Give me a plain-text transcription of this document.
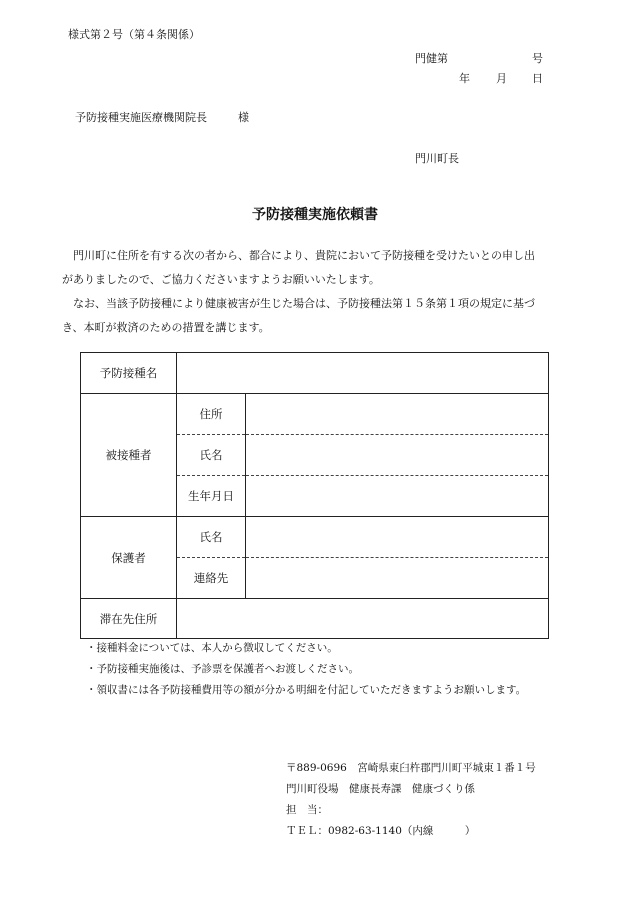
様式第２号（第４条関係）
門健第	号
年 月 日
予防接種実施医療機関院長	様
門川町長
予防接種実施依頼書
　門川町に住所を有する次の者から、都合により、貴院において予防接種を受けたいとの申し出
がありましたので、ご協力くださいますようお願いいたします。
　なお、当該予防接種により健康被害が生じた場合は、予防接種法第１５条第１項の規定に基づ
き、本町が救済のための措置を講じます。
予防接種名		
被接種者	住所	
	氏名	
	生年月日	
保護者	氏名	
	連絡先	
滞在先住所		
・接種料金については、本人から徴収してください。
・予防接種実施後は、予診票を保護者へお渡しください。
・領収書には各予防接種費用等の額が分かる明細を付記していただきますようお願いします。
〒889-0696　宮崎県東臼杵郡門川町平城東１番１号
門川町役場　健康長寿課　健康づくり係
担　当：
ＴＥＬ：0982-63-1140（内線　　　）
